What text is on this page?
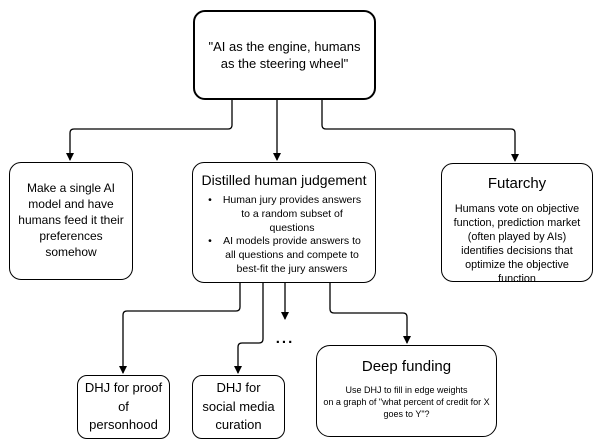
"AI as the engine, humans as the steering wheel"
Make a single AI model and have humans feed it their preferences somehow
Distilled human judgement
•	Human jury provides answers to a random subset of questions
•	AI models provide answers to all questions and compete to best-fit the jury answers
Futarchy
Humans vote on objective function, prediction market (often played by AIs) identifies decisions that optimize the objective function
DHJ for proof of personhood
DHJ for social media curation
...
Deep funding
Use DHJ to fill in edge weights
on a graph of "what percent of credit for X
goes to Y"?
